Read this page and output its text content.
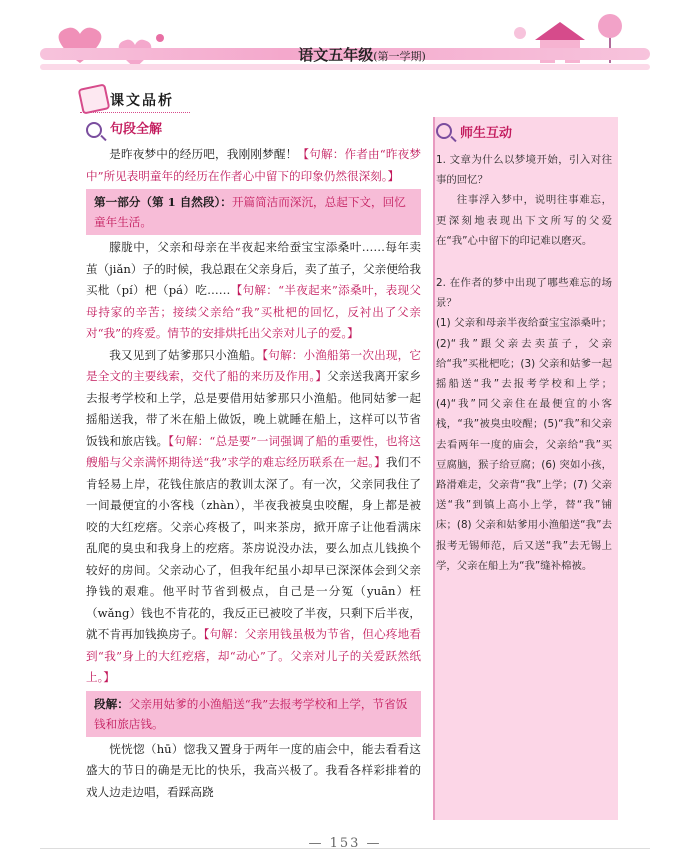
语文五年级(第一学期)
课文品析
句段全解
是昨夜梦中的经历吧，我刚刚梦醒！【句解：作者由“昨夜梦中”所见表明童年的经历在作者心中留下的印象仍然很深刻。】
第一部分（第 1 自然段）：开篇简洁而深沉，总起下文，回忆童年生活。
朦胧中，父亲和母亲在半夜起来给蚕宝宝添桑叶……每年卖茧（jiǎn）子的时候，我总跟在父亲身后，卖了茧子，父亲便给我买枇（pí）杷（pá）吃……【句解：“半夜起来”添桑叶，表现父母持家的辛苦；接续父亲给“我”买枇杷的回忆，反衬出了父亲对“我”的疼爱。情节的安排烘托出父亲对儿子的爱。】
我又见到了姑爹那只小渔船。【句解：小渔船第一次出现，它是全文的主要线索，交代了船的来历及作用。】父亲送我离开家乡去报考学校和上学，总是要借用姑爹那只小渔船。他同姑爹一起摇船送我，带了米在船上做饭，晚上就睡在船上，这样可以节省饭钱和旅店钱。【句解：“总是要”一词强调了船的重要性，也将这艘船与父亲满怀期待送“我”求学的难忘经历联系在一起。】我们不肯轻易上岸，花钱住旅店的教训太深了。有一次，父亲同我住了一间最便宜的小客栈（zhàn），半夜我被臭虫咬醒，身上都是被咬的大红疙瘩。父亲心疼极了，叫来茶房，掀开席子让他看满床乱爬的臭虫和我身上的疙瘩。茶房说没办法，要么加点儿钱换个较好的房间。父亲动心了，但我年纪虽小却早已深深体会到父亲挣钱的艰难。他平时节省到极点，自己是一分冤（yuān）枉（wǎng）钱也不肯花的，我反正已被咬了半夜，只剩下后半夜，就不肯再加钱换房子。【句解：父亲用钱虽极为节省，但心疼地看到“我”身上的大红疙瘩，却“动心”了。父亲对儿子的关爱跃然纸上。】
段解：父亲用姑爹的小渔船送“我”去报考学校和上学，节省饭钱和旅店钱。
恍恍惚（hū）惚我又置身于两年一度的庙会中，能去看看这盛大的节日的确是无比的快乐，我高兴极了。我看各样彩排着的戏人边走边唱，看踩高跷
师生互动
1. 文章为什么以梦境开始，引入对往事的回忆？
往事浮入梦中，说明往事难忘，更深刻地表现出下文所写的父爱在“我”心中留下的印记难以磨灭。
2. 在作者的梦中出现了哪些难忘的场景？
(1) 父亲和母亲半夜给蚕宝宝添桑叶；(2)“我”跟父亲去卖茧子，父亲给“我”买枇杷吃；(3) 父亲和姑爹一起摇船送“我”去报考学校和上学；(4)“我”同父亲住在最便宜的小客栈，“我”被臭虫咬醒；(5)“我”和父亲去看两年一度的庙会，父亲给“我”买豆腐脑，猴子给豆腐；(6) 突如小孩，路滑难走，父亲背“我”上学；(7) 父亲送“我”到镇上高小上学，替“我”铺床；(8) 父亲和姑爹用小渔船送“我”去报考无锡师范，后又送“我”去无锡上学，父亲在船上为“我”缝补棉被。
— 153 —
